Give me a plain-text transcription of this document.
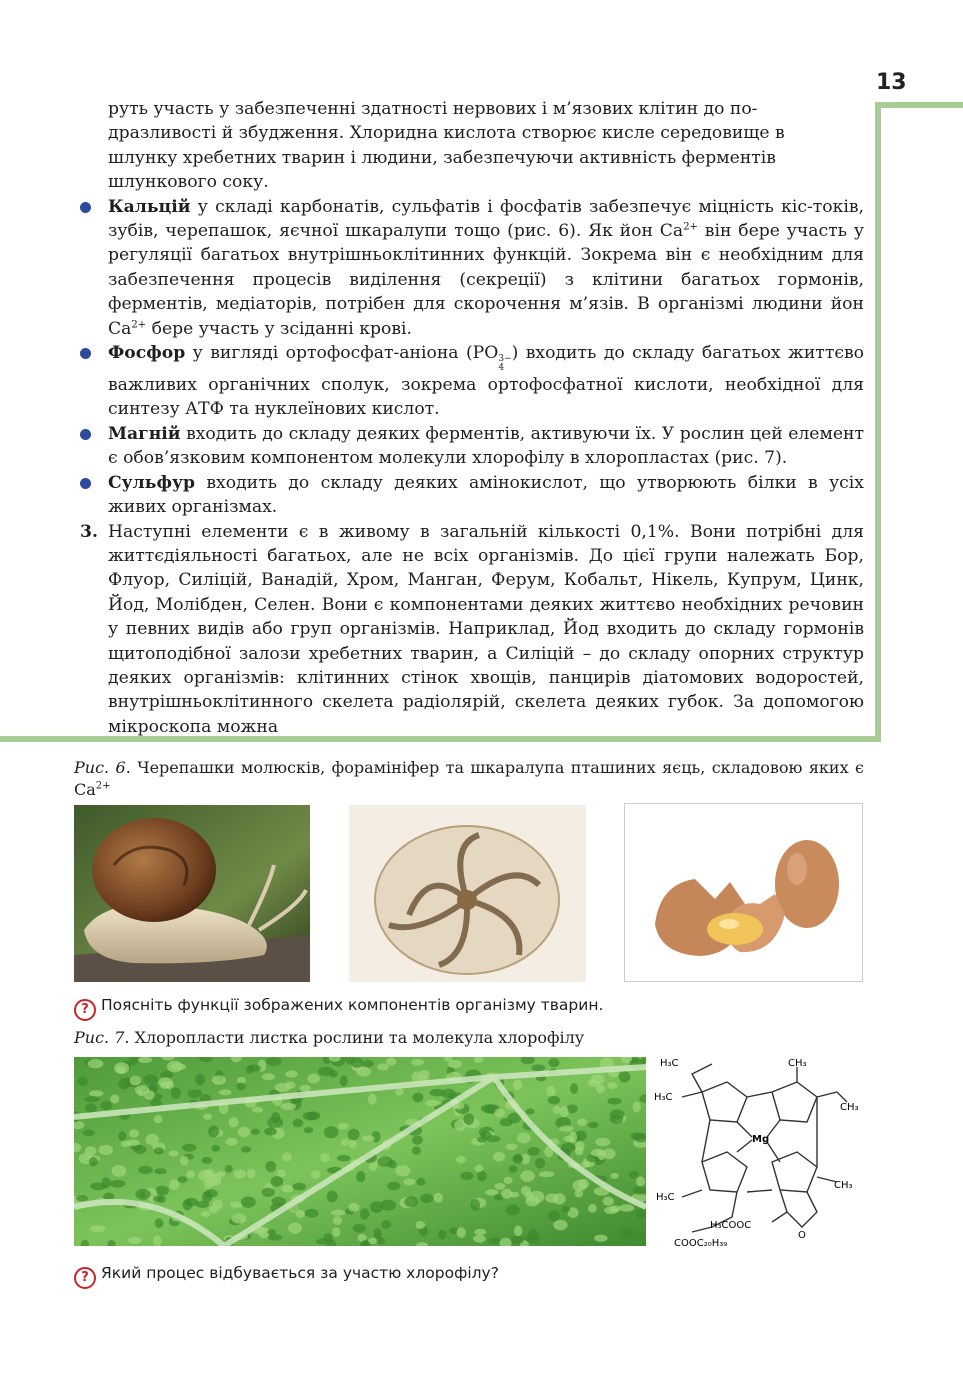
13
руть участь у забезпеченні здатності нервових і м’язових клітин до по-
дразливості й збудження. Хлоридна кислота створює кисле середовище в
шлунку хребетних тварин і людини, забезпечуючи активність ферментів
шлункового соку.

Кальцій у складі карбонатів, сульфатів і фосфатів забезпечує міцність кіс-токів, зубів, черепашок, яєчної шкаралупи тощо (рис. 6). Як йон $Ca^{2+}$ він бере участь у регуляції багатьох внутрішньоклітинних функцій. Зокрема він є необхідним для забезпечення процесів виділення (секреції) з клітини багатьох гормонів, ферментів, медіаторів, потрібен для скорочення м’язів. В організмі людини йон $Ca^{2+}$ бере участь у зсіданні крові.

Фосфор у вигляді ортофосфат-аніона (PO 3−
4
) входить до складу багатьох життєво важливих органічних сполук, зокрема ортофосфатної кислоти, необхідної для синтезу АТФ та нуклеїнових кислот.

Магній входить до складу деяких ферментів, активуючи їх. У рослин цей елемент є обов’язковим компонентом молекули хлорофілу в хлоропластах (рис. 7).

Сульфур входить до складу деяких амінокислот, що утворюють білки в усіх живих організмах.

3. Наступні елементи є в живому в загальній кількості 0,1%. Вони потрібні для життєдіяльності багатьох, але не всіх організмів. До цієї групи належать Бор, Флуор, Силіцій, Ванадій, Хром, Манган, Ферум, Кобальт, Нікель, Купрум, Цинк, Йод, Молібден, Селен. Вони є компонентами деяких життєво необхідних речовин у певних видів або груп організмів. Наприклад, Йод входить до складу гормонів щитоподібної залози хребетних тварин, а Силіцій – до складу опорних структур деяких організмів: клітинних стінок хвощів, панцирів діатомових водоростей, внутрішньоклітинного скелета радіолярій, скелета деяких губок. За допомогою мікроскопа можна

Рис. 6. Черепашки молюсків, форамініфер та шкаралупа пташиних яєць, складовою яких є $Ca^{2+}$
? Поясніть функції зображених компонентів організму тварин.
Рис. 7. Хлоропласти листка рослини та молекула хлорофілу
H₃C
H₃C
CH₃
CH₃
Mg
H₃C
CH₃
H₃COOC
O
COOC₂₀H₃₉
? Який процес відбувається за участю хлорофілу?
